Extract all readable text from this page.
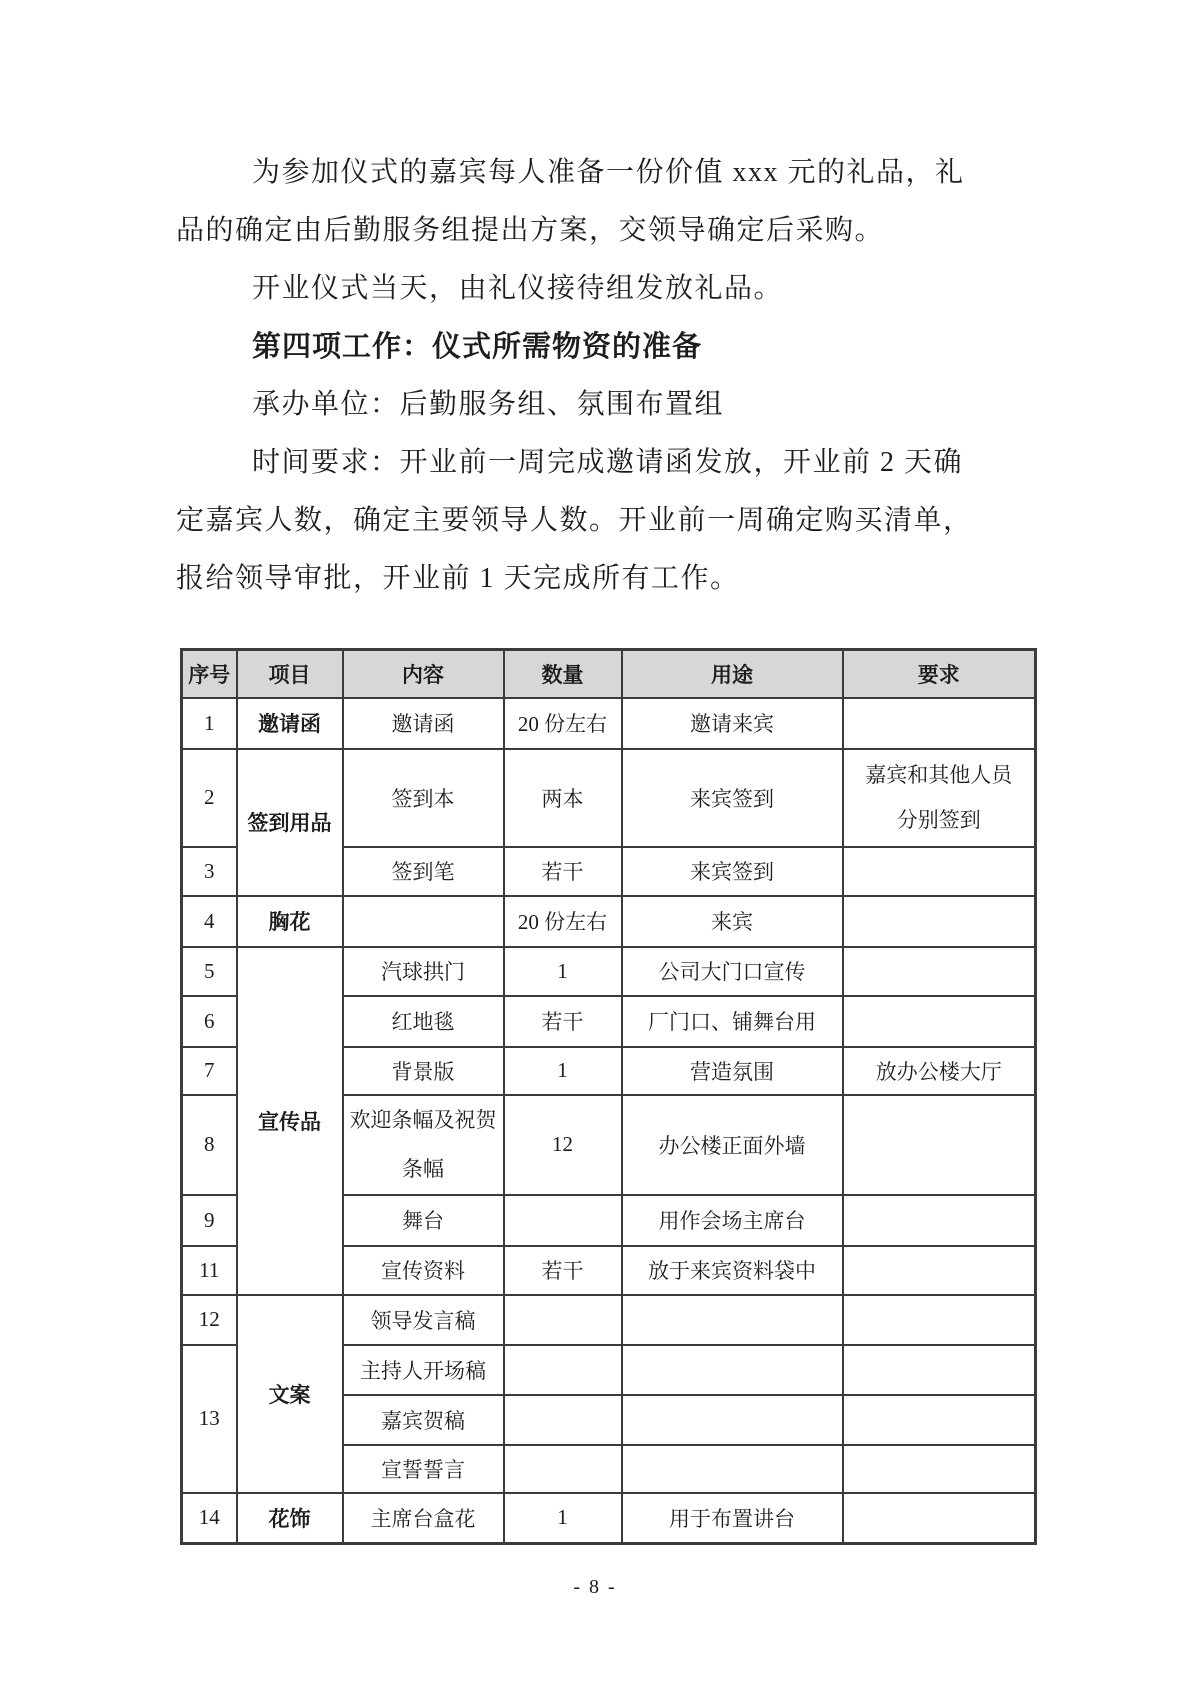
为参加仪式的嘉宾每人准备一份价值 xxx 元的礼品，礼
品的确定由后勤服务组提出方案，交领导确定后采购。
开业仪式当天，由礼仪接待组发放礼品。
第四项工作：仪式所需物资的准备
承办单位：后勤服务组、氛围布置组
时间要求：开业前一周完成邀请函发放，开业前 2 天确
定嘉宾人数，确定主要领导人数。开业前一周确定购买清单，
报给领导审批，开业前 1 天完成所有工作。
序号	项目	内容	数量	用途	要求
1	邀请函	邀请函	20 份左右	邀请来宾	
2	签到用品	签到本	两本	来宾签到	嘉宾和其他人员
分别签到

3		签到笔	若干	来宾签到	
4	胸花		20 份左右	来宾	
5	宣传品	汽球拱门	1	公司大门口宣传	
6		红地毯	若干	厂门口、铺舞台用	
7		背景版	1	营造氛围	放办公楼大厅
8		欢迎条幅及祝贺
条幅	12	办公楼正面外墙	
9		舞台		用作会场主席台	
11		宣传资料	若干	放于来宾资料袋中	
12	文案	领导发言稿			
13		主持人开场稿			
		嘉宾贺稿			
		宣誓誓言			
14	花饰	主席台盒花	1	用于布置讲台	
- 8 -
